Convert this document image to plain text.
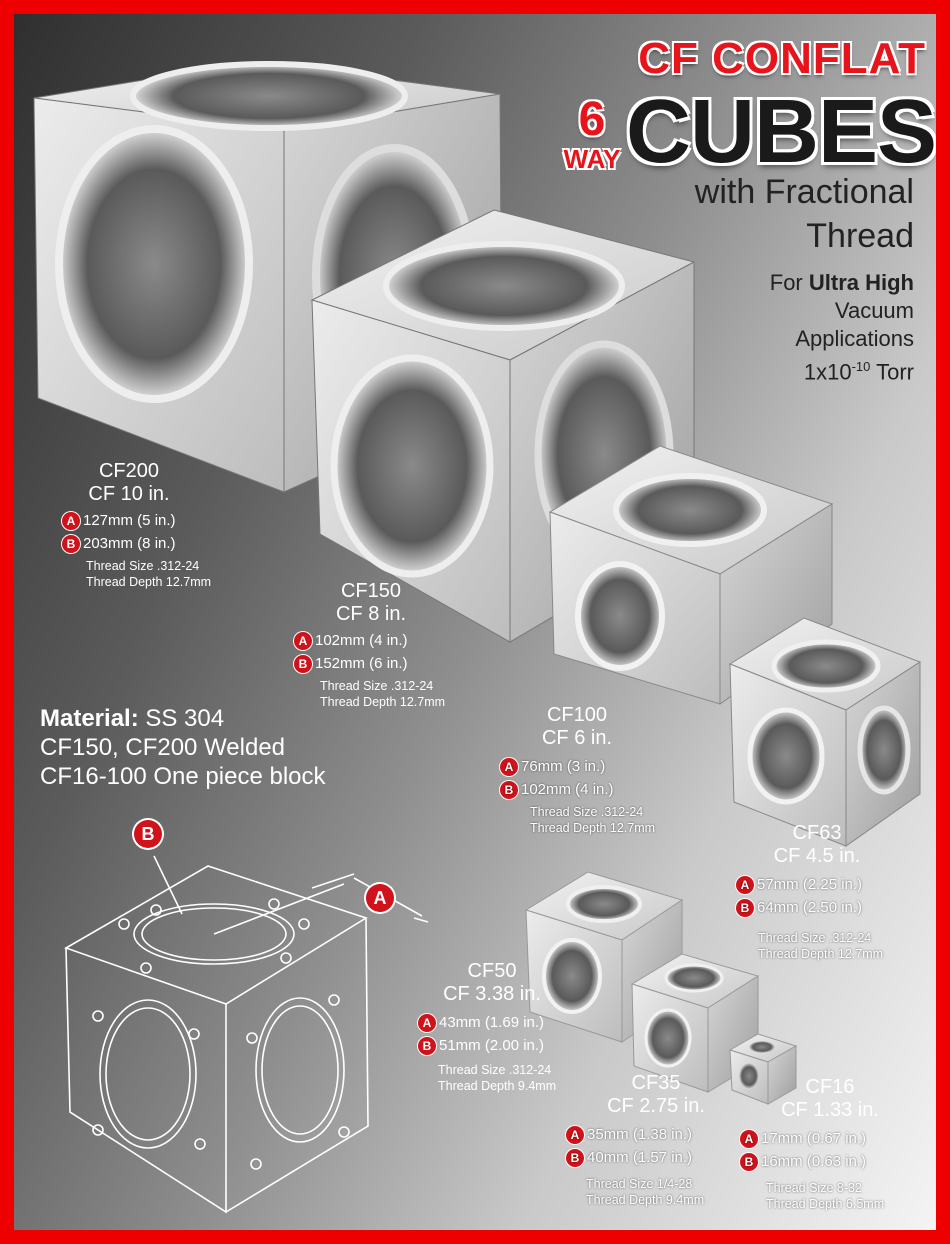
CF CONFLAT
6
WAY CUBES
with Fractional
Thread
For Ultra High
Vacuum
Applications
$1x10^{-10}$ Torr
CF200
CF 10 in.
A 127mm (5 in.)
B 203mm (8 in.)
Thread Size .312-24
Thread Depth 12.7mm	CF150
CF 8 in.
A 102mm (4 in.)
B 152mm (6 in.)
Thread Size .312-24
Thread Depth 12.7mm
CF100
CF 6 in.
A 76mm (3 in.)
B 102mm (4 in.)
Thread Size .312-24
Thread Depth 12.7mm	CF63
CF 4.5 in.
A 57mm (2.25 in.)
B 64mm (2.50 in.)
Thread Size .312-24
Thread Depth 12.7mm
CF50
CF 3.38 in.
A 43mm (1.69 in.)
B 51mm (2.00 in.)
Thread Size .312-24
Thread Depth 9.4mm	CF35
CF 2.75 in.
A 35mm (1.38 in.)
B 40mm (1.57 in.)
Thread Size 1/4-28
Thread Depth 9.4mm
CF16
CF 1.33 in.
A 17mm (0.67 in.)
B 16mm (0.63 in.)
Thread Size 8-32
Thread Depth 6.5mm
Material: SS 304
CF150, CF200 Welded
CF16-100 One piece block
B
A
